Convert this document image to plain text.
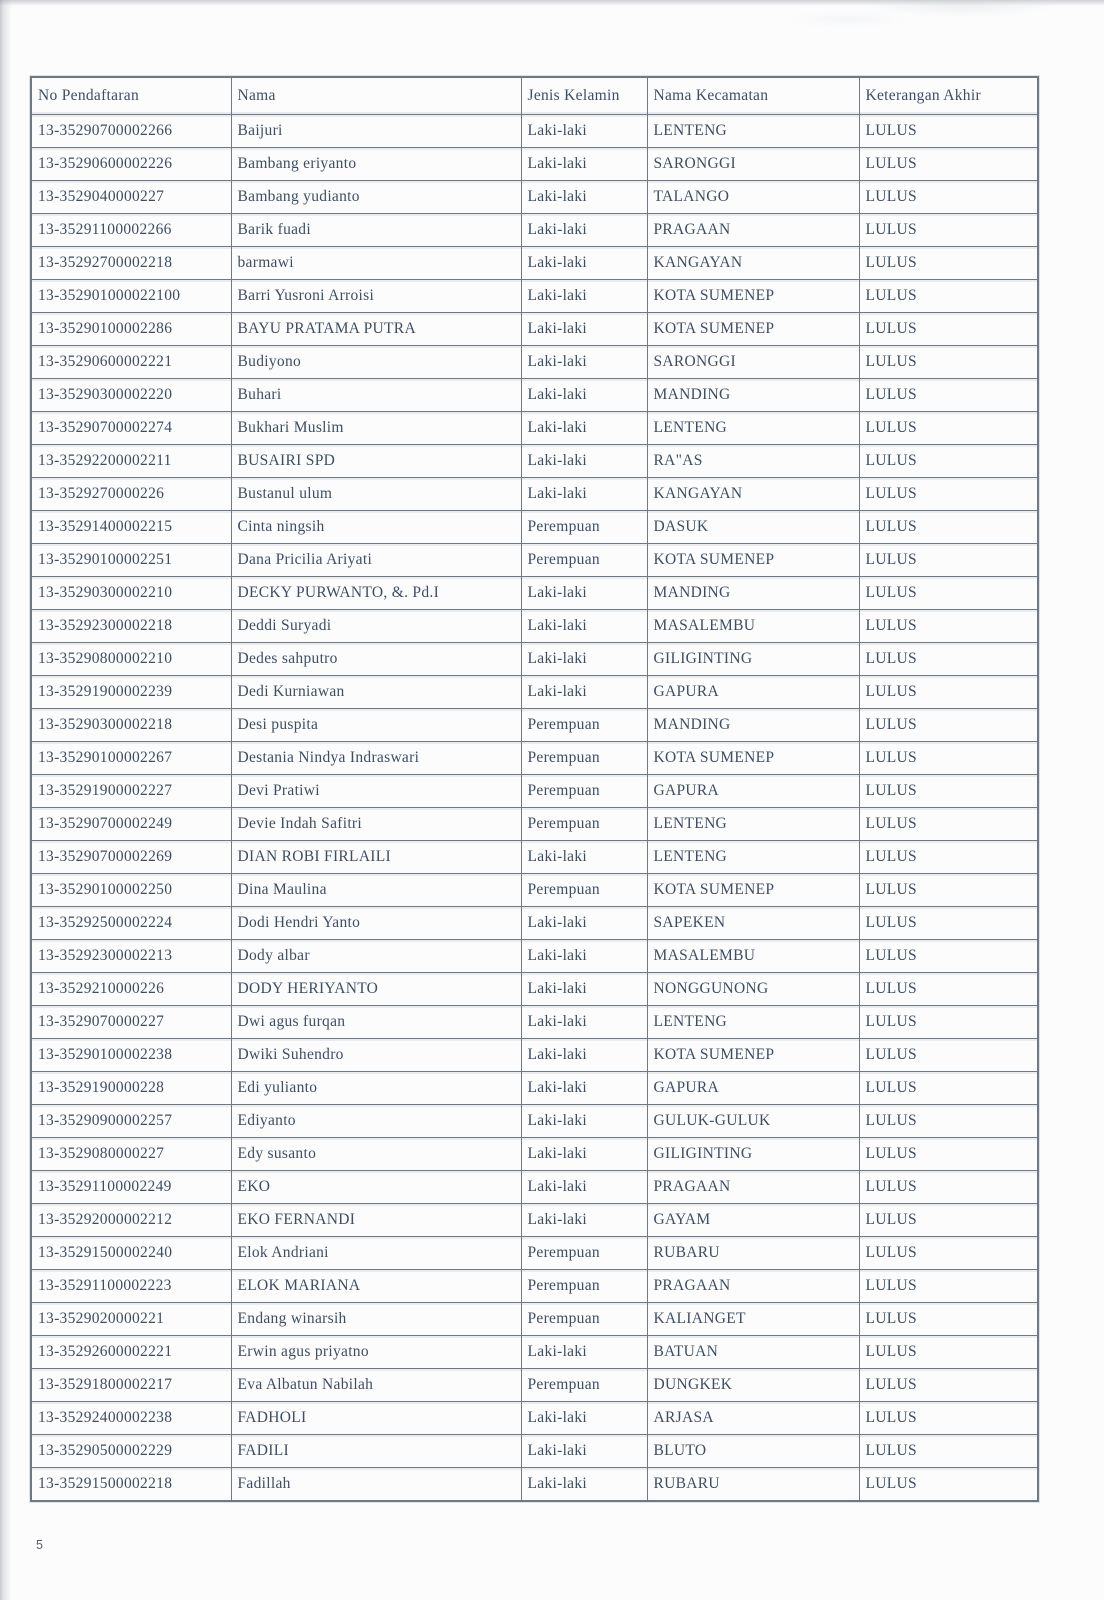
No Pendaftaran	Nama	Jenis Kelamin	Nama Kecamatan	Keterangan Akhir
13-35290700002266	Baijuri	Laki-laki	LENTENG	LULUS
13-35290600002226	Bambang eriyanto	Laki-laki	SARONGGI	LULUS
13-3529040000227	Bambang yudianto	Laki-laki	TALANGO	LULUS
13-35291100002266	Barik fuadi	Laki-laki	PRAGAAN	LULUS
13-35292700002218	barmawi	Laki-laki	KANGAYAN	LULUS
13-352901000022100	Barri Yusroni Arroisi	Laki-laki	KOTA SUMENEP	LULUS
13-35290100002286	BAYU PRATAMA PUTRA	Laki-laki	KOTA SUMENEP	LULUS
13-35290600002221	Budiyono	Laki-laki	SARONGGI	LULUS
13-35290300002220	Buhari	Laki-laki	MANDING	LULUS
13-35290700002274	Bukhari Muslim	Laki-laki	LENTENG	LULUS
13-35292200002211	BUSAIRI SPD	Laki-laki	RA"AS	LULUS
13-3529270000226	Bustanul ulum	Laki-laki	KANGAYAN	LULUS
13-35291400002215	Cinta ningsih	Perempuan	DASUK	LULUS
13-35290100002251	Dana Pricilia Ariyati	Perempuan	KOTA SUMENEP	LULUS
13-35290300002210	DECKY PURWANTO, &. Pd.I	Laki-laki	MANDING	LULUS
13-35292300002218	Deddi Suryadi	Laki-laki	MASALEMBU	LULUS
13-35290800002210	Dedes sahputro	Laki-laki	GILIGINTING	LULUS
13-35291900002239	Dedi Kurniawan	Laki-laki	GAPURA	LULUS
13-35290300002218	Desi puspita	Perempuan	MANDING	LULUS
13-35290100002267	Destania Nindya Indraswari	Perempuan	KOTA SUMENEP	LULUS
13-35291900002227	Devi Pratiwi	Perempuan	GAPURA	LULUS
13-35290700002249	Devie Indah Safitri	Perempuan	LENTENG	LULUS
13-35290700002269	DIAN ROBI FIRLAILI	Laki-laki	LENTENG	LULUS
13-35290100002250	Dina Maulina	Perempuan	KOTA SUMENEP	LULUS
13-35292500002224	Dodi Hendri Yanto	Laki-laki	SAPEKEN	LULUS
13-35292300002213	Dody albar	Laki-laki	MASALEMBU	LULUS
13-3529210000226	DODY HERIYANTO	Laki-laki	NONGGUNONG	LULUS
13-3529070000227	Dwi agus furqan	Laki-laki	LENTENG	LULUS
13-35290100002238	Dwiki Suhendro	Laki-laki	KOTA SUMENEP	LULUS
13-3529190000228	Edi yulianto	Laki-laki	GAPURA	LULUS
13-35290900002257	Ediyanto	Laki-laki	GULUK-GULUK	LULUS
13-3529080000227	Edy susanto	Laki-laki	GILIGINTING	LULUS
13-35291100002249	EKO	Laki-laki	PRAGAAN	LULUS
13-35292000002212	EKO FERNANDI	Laki-laki	GAYAM	LULUS
13-35291500002240	Elok Andriani	Perempuan	RUBARU	LULUS
13-35291100002223	ELOK MARIANA	Perempuan	PRAGAAN	LULUS
13-3529020000221	Endang winarsih	Perempuan	KALIANGET	LULUS
13-35292600002221	Erwin agus priyatno	Laki-laki	BATUAN	LULUS
13-35291800002217	Eva Albatun Nabilah	Perempuan	DUNGKEK	LULUS
13-35292400002238	FADHOLI	Laki-laki	ARJASA	LULUS
13-35290500002229	FADILI	Laki-laki	BLUTO	LULUS
13-35291500002218	Fadillah	Laki-laki	RUBARU	LULUS
5
